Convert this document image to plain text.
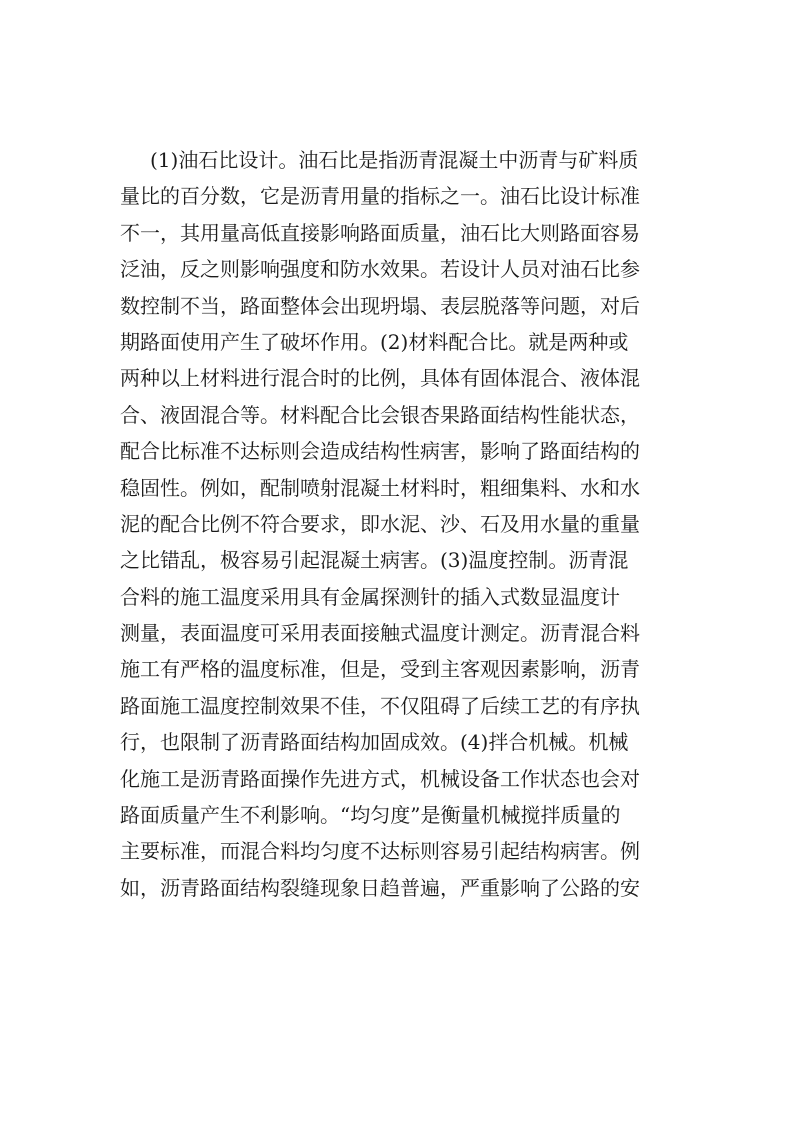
(1)油石比设计。油石比是指沥青混凝土中沥青与矿料质
量比的百分数，它是沥青用量的指标之一。油石比设计标准
不一，其用量高低直接影响路面质量，油石比大则路面容易
泛油，反之则影响强度和防水效果。若设计人员对油石比参
数控制不当，路面整体会出现坍塌、表层脱落等问题，对后
期路面使用产生了破坏作用。(2)材料配合比。就是两种或
两种以上材料进行混合时的比例，具体有固体混合、液体混
合、液固混合等。材料配合比会银杏果路面结构性能状态，
配合比标准不达标则会造成结构性病害，影响了路面结构的
稳固性。例如，配制喷射混凝土材料时，粗细集料、水和水
泥的配合比例不符合要求，即水泥、沙、石及用水量的重量
之比错乱，极容易引起混凝土病害。(3)温度控制。沥青混
合料的施工温度采用具有金属探测针的插入式数显温度计
测量，表面温度可采用表面接触式温度计测定。沥青混合料
施工有严格的温度标准，但是，受到主客观因素影响，沥青
路面施工温度控制效果不佳，不仅阻碍了后续工艺的有序执
行，也限制了沥青路面结构加固成效。(4)拌合机械。机械
化施工是沥青路面操作先进方式，机械设备工作状态也会对
路面质量产生不利影响。“均匀度”是衡量机械搅拌质量的
主要标准，而混合料均匀度不达标则容易引起结构病害。例
如，沥青路面结构裂缝现象日趋普遍，严重影响了公路的安
